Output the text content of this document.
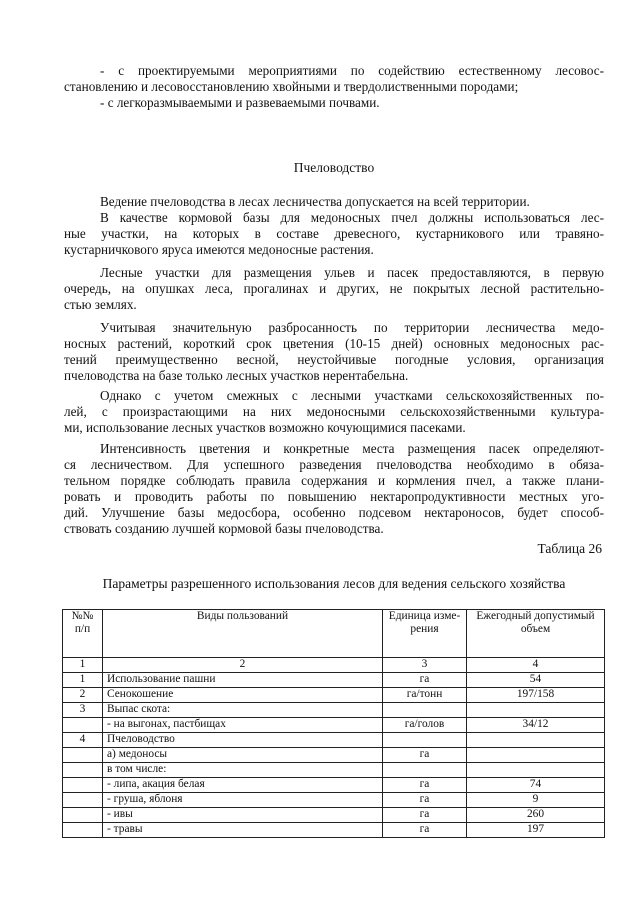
- с проектируемыми мероприятиями по содействию естественному лесовос-
становлению и лесовосстановлению хвойными и твердолиственными породами;
- с легкоразмываемыми и развеваемыми почвами.
Пчеловодство
Ведение пчеловодства в лесах лесничества допускается на всей территории.
В качестве кормовой базы для медоносных пчел должны использоваться лес-
ные участки, на которых в составе древесного, кустарникового или травяно-
кустарничкового яруса имеются медоносные растения.
Лесные участки для размещения ульев и пасек предоставляются, в первую
очередь, на опушках леса, прогалинах и других, не покрытых лесной растительно-
стью землях.
Учитывая значительную разбросанность по территории лесничества медо-
носных растений, короткий срок цветения (10-15 дней) основных медоносных рас-
тений преимущественно весной, неустойчивые погодные условия, организация
пчеловодства на базе только лесных участков нерентабельна.
Однако с учетом смежных с лесными участками сельскохозяйственных по-
лей, с произрастающими на них медоносными сельскохозяйственными культура-
ми, использование лесных участков возможно кочующимися пасеками.
Интенсивность цветения и конкретные места размещения пасек определяют-
ся лесничеством. Для успешного разведения пчеловодства необходимо в обяза-
тельном порядке соблюдать правила содержания и кормления пчел, а также плани-
ровать и проводить работы по повышению нектаропродуктивности местных уго-
дий. Улучшение базы медосбора, особенно подсевом нектароносов, будет способ-
ствовать созданию лучшей кормовой базы пчеловодства.
Таблица 26
Параметры разрешенного использования лесов для ведения сельского хозяйства
№№ п/п	Виды пользований	Единица изме-рения	Ежегодный допустимый объем
1	2	3	4
1	Использование пашни	га	54
2	Сенокошение	га/тонн	197/158
3	Выпас скота:		
	- на выгонах, пастбищах	га/голов	34/12
4	Пчеловодство		
	а) медоносы	га	
	в том числе:		
	- липа, акация белая	га	74
	- груша, яблоня	га	9
	- ивы	га	260
	- травы	га	197
